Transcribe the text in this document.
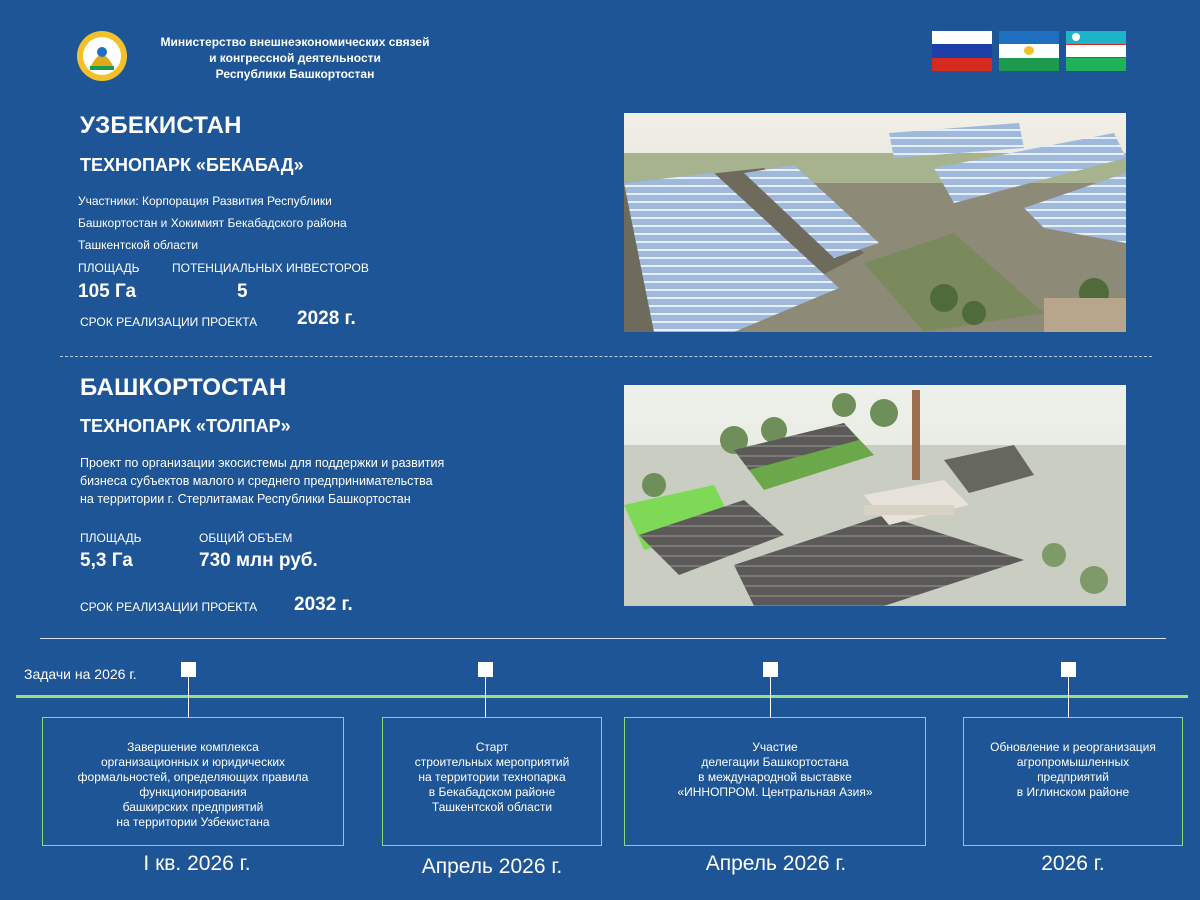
Министерство внешнеэкономических связей
и конгрессной деятельности
Республики Башкортостан
УЗБЕКИСТАН
ТЕХНОПАРК «БЕКАБАД»
Участники: Корпорация Развития Республики
Башкортостан и Хокимият Бекабадского района
Ташкентской области
ПЛОЩАДЬ	ПОТЕНЦИАЛЬНЫХ ИНВЕСТОРОВ
105 Га	5
СРОК РЕАЛИЗАЦИИ ПРОЕКТА 2028 г.
БАШКОРТОСТАН
ТЕХНОПАРК «ТОЛПАР»
Проект по организации экосистемы для поддержки и развития
бизнеса субъектов малого и среднего предпринимательства
на территории г. Стерлитамак Республики Башкортостан
ПЛОЩАДЬ	ОБЩИЙ ОБЪЕМ
5,3 Га	730 млн руб.
СРОК РЕАЛИЗАЦИИ ПРОЕКТА 2032 г.
Задачи на 2026 г.
Завершение комплекса
организационных и юридических
формальностей, определяющих правила
функционирования
башкирских предприятий
на территории Узбекистана
I кв. 2026 г.
Старт
строительных мероприятий
на территории технопарка
в Бекабадском районе
Ташкентской области
Апрель 2026 г.
Участие
делегации Башкортостана
в международной выставке
«ИННОПРОМ. Центральная Азия»
Апрель 2026 г.
Обновление и реорганизация
агропромышленных
предприятий
в Иглинском районе
2026 г.
